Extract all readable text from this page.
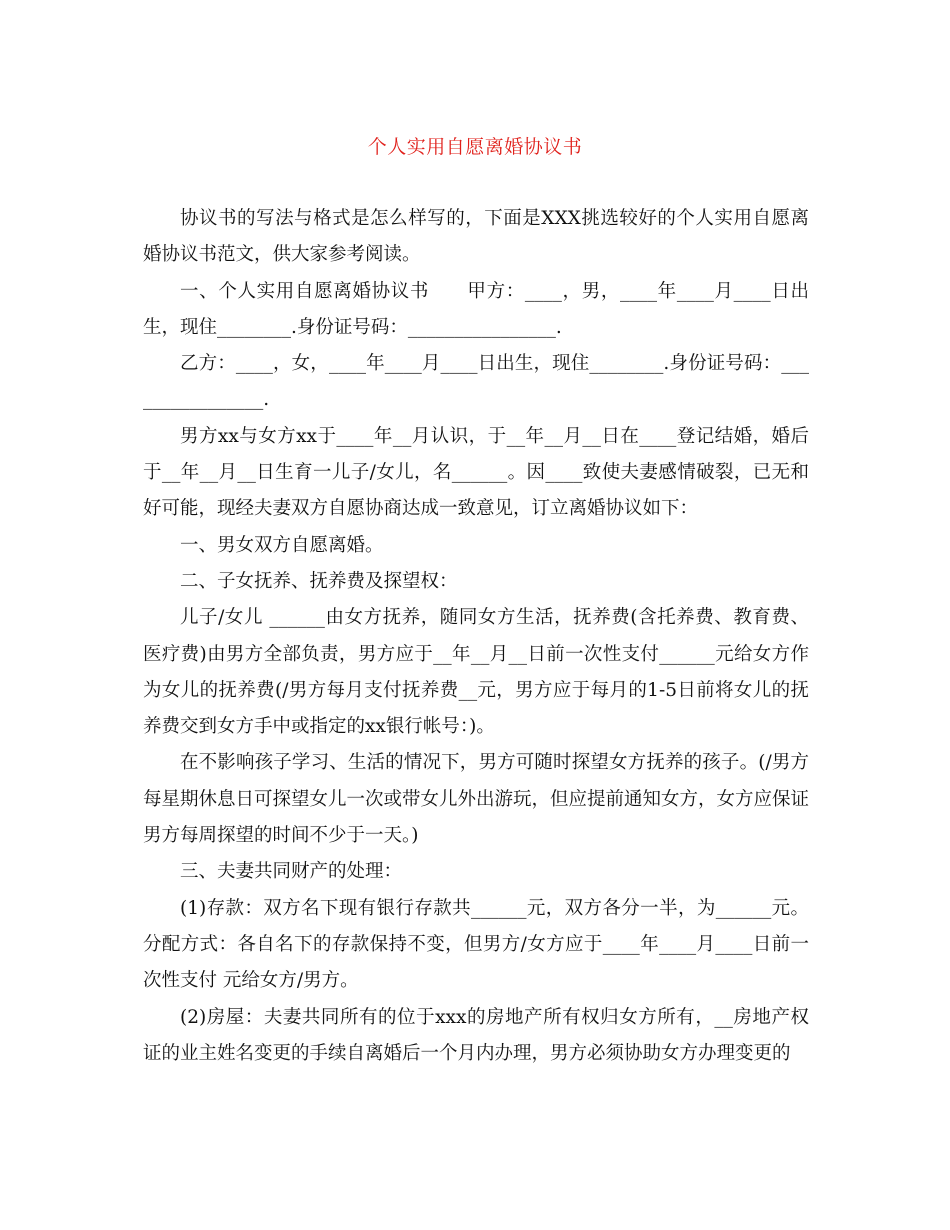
个人实用自愿离婚协议书

协议书的写法与格式是怎么样写的，下面是XXX挑选较好的个人实用自愿离婚协议书范文，供大家参考阅读。

一、个人实用自愿离婚协议书　　甲方：____，男，____年____月____日出生，现住________.身份证号码：________________.

乙方：____，女，____年____月____日出生，现住________.身份证号码：________________.

男方xx与女方xx于____年__月认识，于__年__月__日在____登记结婚，婚后于__年__月__日生育一儿子/女儿，名______。因____致使夫妻感情破裂，已无和好可能，现经夫妻双方自愿协商达成一致意见，订立离婚协议如下：

一、男女双方自愿离婚。

二、子女抚养、抚养费及探望权：

儿子/女儿 ______由女方抚养，随同女方生活，抚养费(含托养费、教育费、医疗费)由男方全部负责，男方应于__年__月__日前一次性支付______元给女方作为女儿的抚养费(/男方每月支付抚养费__元，男方应于每月的1-5日前将女儿的抚养费交到女方手中或指定的xx银行帐号：)。

在不影响孩子学习、生活的情况下，男方可随时探望女方抚养的孩子。(/男方每星期休息日可探望女儿一次或带女儿外出游玩，但应提前通知女方，女方应保证男方每周探望的时间不少于一天。)

三、夫妻共同财产的处理：

(1)存款：双方名下现有银行存款共______元，双方各分一半，为______元。分配方式：各自名下的存款保持不变，但男方/女方应于____年____月____日前一次性支付 元给女方/男方。

(2)房屋：夫妻共同所有的位于xxx的房地产所有权归女方所有，__房地产权证的业主姓名变更的手续自离婚后一个月内办理，男方必须协助女方办理变更的
